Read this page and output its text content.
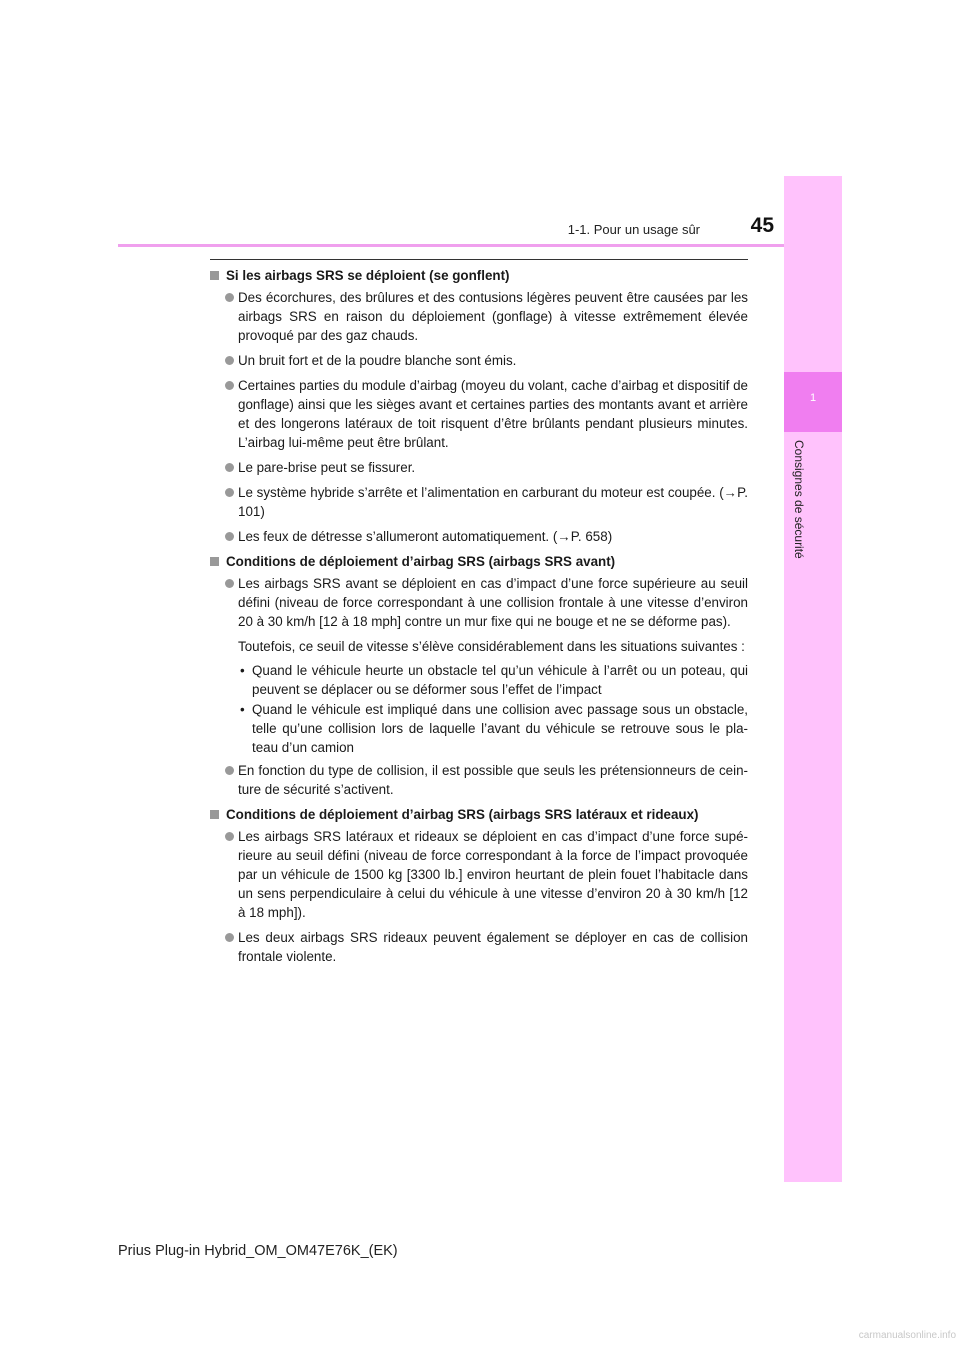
1-1. Pour un usage sûr	45
1
Consignes de sécurité
Si les airbags SRS se déploient (se gonflent)
Des écorchures, des brûlures et des contusions légères peuvent être causées par les airbags SRS en raison du déploiement (gonflage) à vitesse extrêmement élevée provoqué par des gaz chauds.
Un bruit fort et de la poudre blanche sont émis.
Certaines parties du module d’airbag (moyeu du volant, cache d’airbag et dispositif de gonflage) ainsi que les sièges avant et certaines parties des montants avant et arrière et des longerons latéraux de toit risquent d’être brûlants pendant plusieurs minutes. L’airbag lui-même peut être brûlant.
Le pare-brise peut se fissurer.
Le système hybride s’arrête et l’alimentation en carburant du moteur est coupée. (→P. 101)
Les feux de détresse s’allumeront automatiquement. (→P. 658)
Conditions de déploiement d’airbag SRS (airbags SRS avant)
Les airbags SRS avant se déploient en cas d’impact d’une force supérieure au seuil défini (niveau de force correspondant à une collision frontale à une vitesse d’environ 20 à 30 km/h [12 à 18 mph] contre un mur fixe qui ne bouge et ne se déforme pas).
Toutefois, ce seuil de vitesse s’élève considérablement dans les situations suivantes :
• Quand le véhicule heurte un obstacle tel qu’un véhicule à l’arrêt ou un poteau, qui peuvent se déplacer ou se déformer sous l’effet de l’impact
• Quand le véhicule est impliqué dans une collision avec passage sous un obstacle, telle qu’une collision lors de laquelle l’avant du véhicule se retrouve sous le pla-teau d’un camion
En fonction du type de collision, il est possible que seuls les prétensionneurs de cein-ture de sécurité s’activent.
Conditions de déploiement d’airbag SRS (airbags SRS latéraux et rideaux)
Les airbags SRS latéraux et rideaux se déploient en cas d’impact d’une force supé-rieure au seuil défini (niveau de force correspondant à la force de l’impact provoquée par un véhicule de 1500 kg [3300 lb.] environ heurtant de plein fouet l’habitacle dans un sens perpendiculaire à celui du véhicule à une vitesse d’environ 20 à 30 km/h [12 à 18 mph]).
Les deux airbags SRS rideaux peuvent également se déployer en cas de collision frontale violente.
Prius Plug-in Hybrid_OM_OM47E76K_(EK)
carmanualsonline.info
